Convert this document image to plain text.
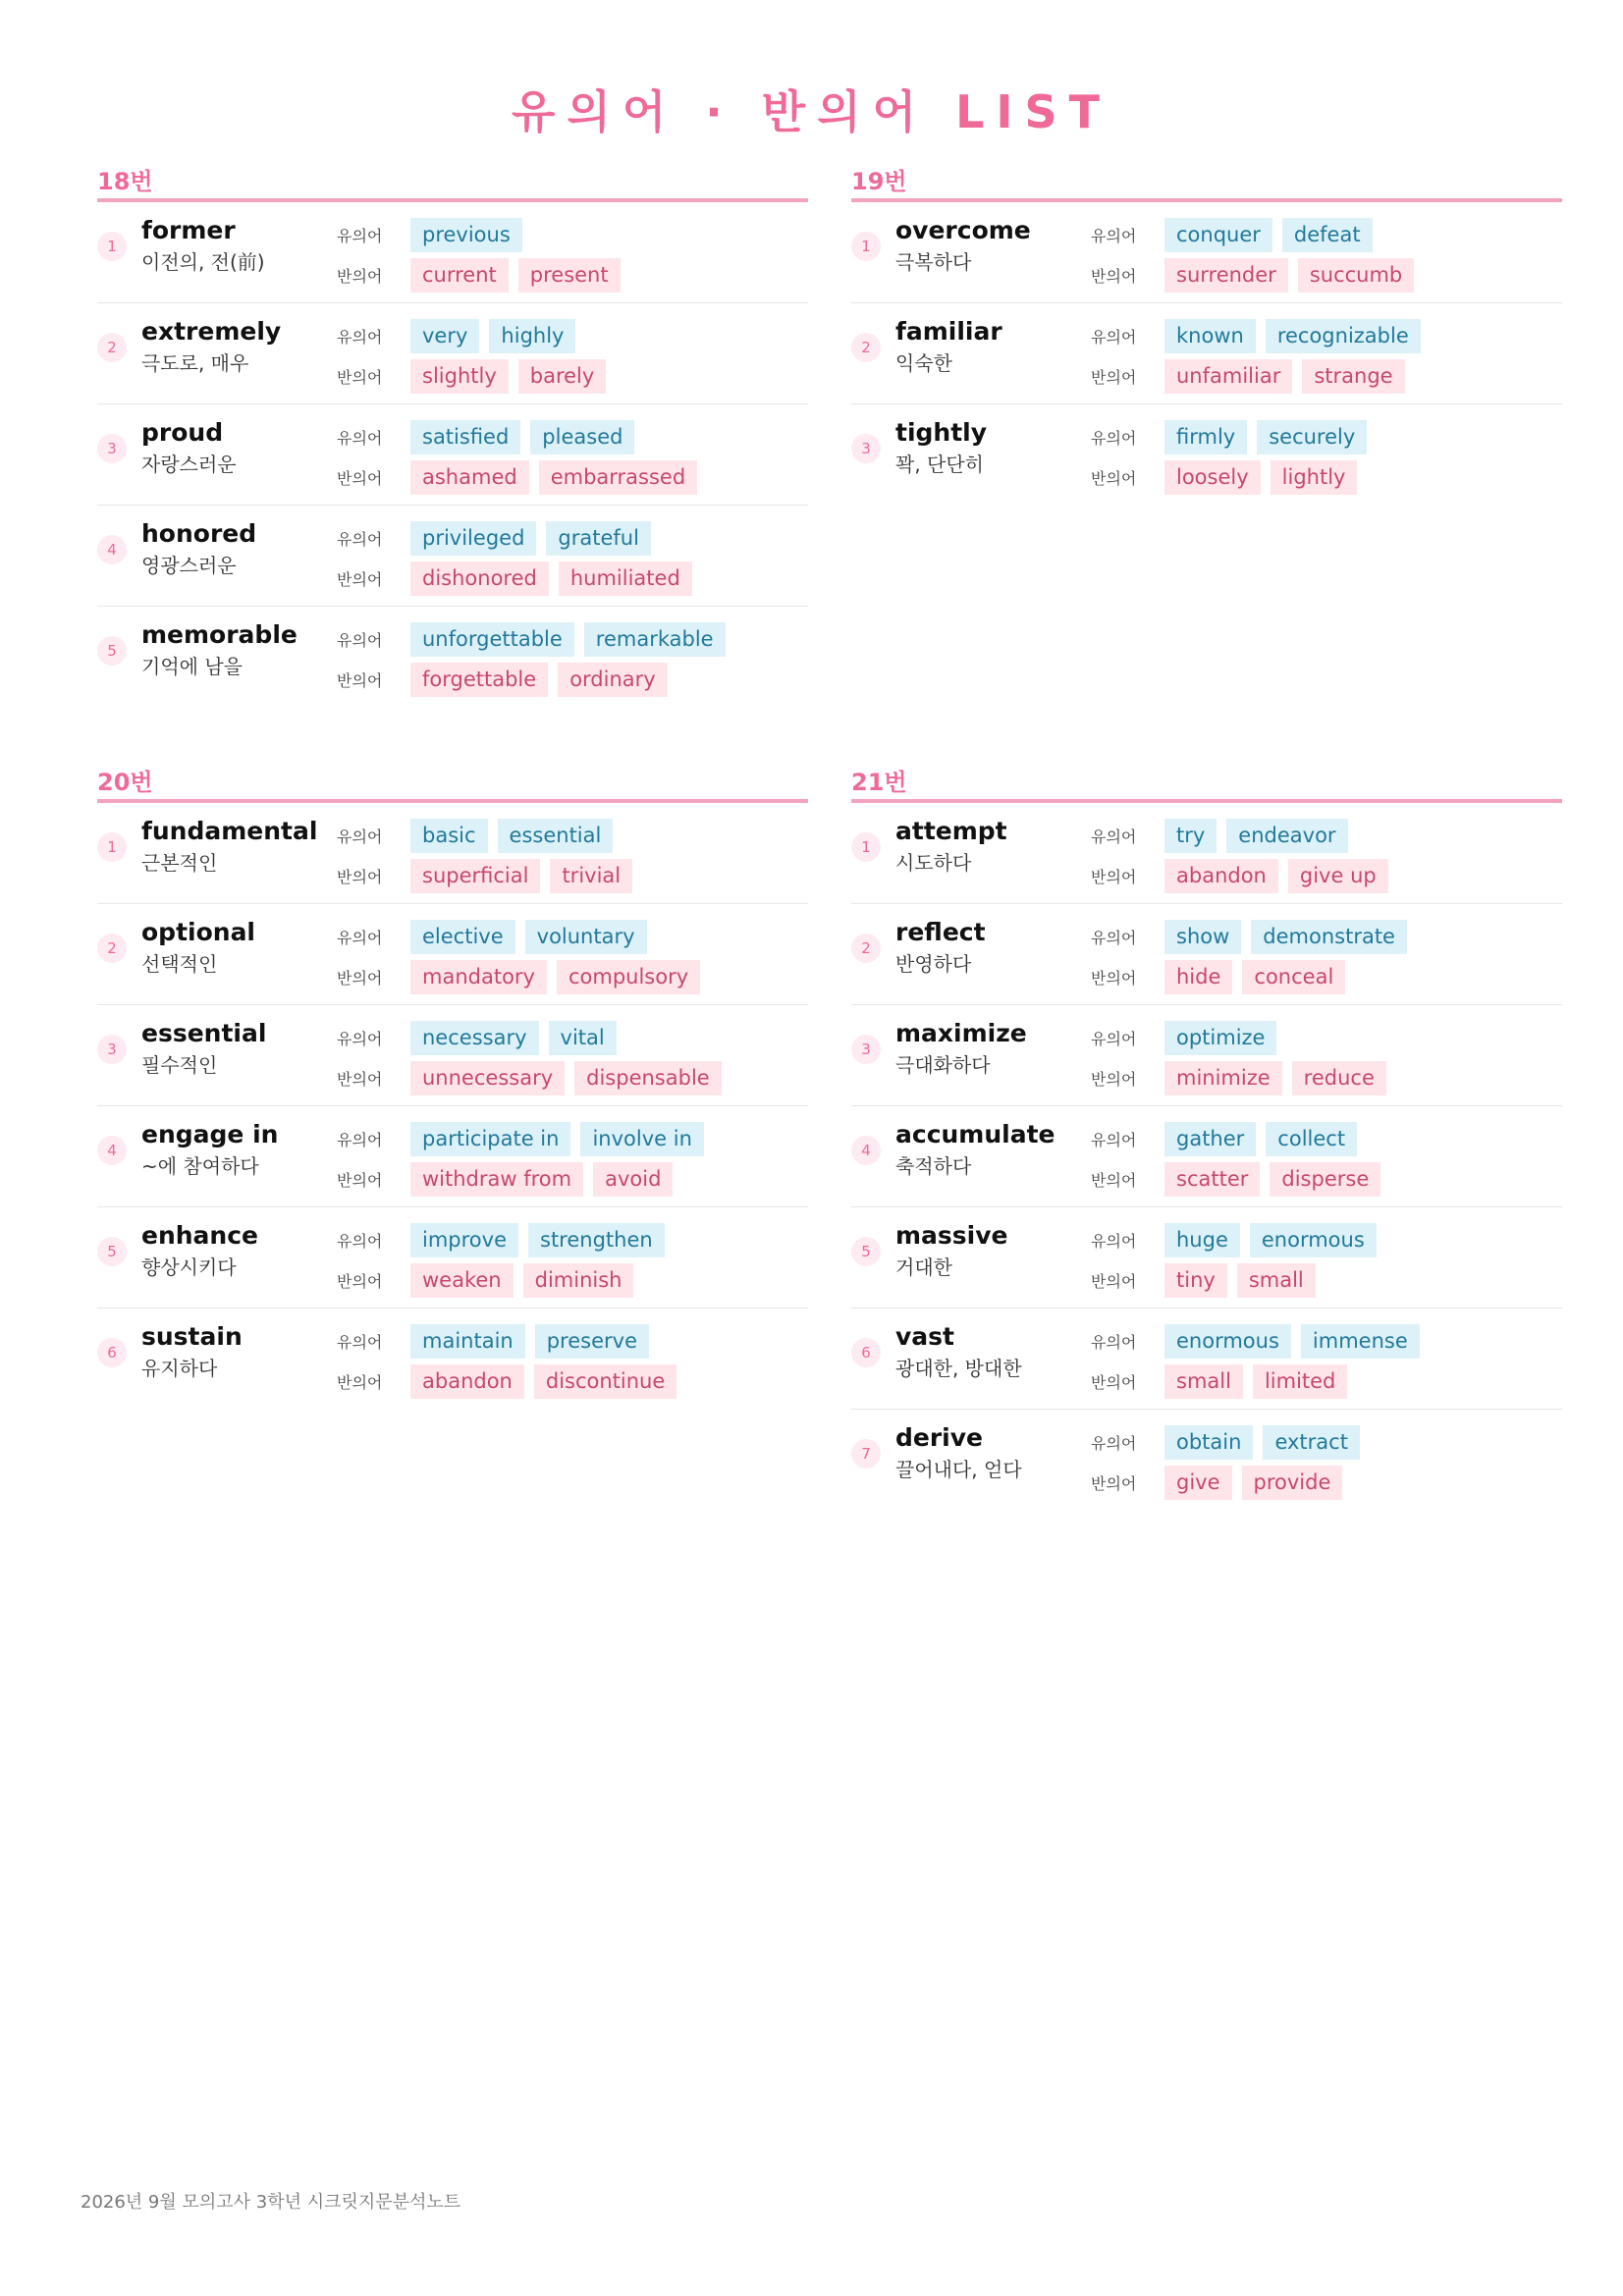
유의어 · 반의어 LIST
18번
1
former
이전의, 전(前)
유의어	previous
반의어	current	present
2
extremely
극도로, 매우
유의어	very	highly
반의어	slightly	barely
3
proud
자랑스러운
유의어	satisfied	pleased
반의어	ashamed	embarrassed
4
honored
영광스러운
유의어	privileged	grateful
반의어	dishonored	humiliated
5
memorable
기억에 남을
유의어	unforgettable	remarkable
반의어	forgettable	ordinary
19번
1
overcome
극복하다
유의어	conquer	defeat
반의어	surrender	succumb
2
familiar
익숙한
유의어	known	recognizable
반의어	unfamiliar	strange
3
tightly
꽉, 단단히
유의어	firmly	securely
반의어	loosely	lightly
20번
1
fundamental
근본적인
유의어	basic	essential
반의어	superficial	trivial
2
optional
선택적인
유의어	elective	voluntary
반의어	mandatory	compulsory
3
essential
필수적인
유의어	necessary	vital
반의어	unnecessary	dispensable
4
engage in
~에 참여하다
유의어	participate in	involve in
반의어	withdraw from	avoid
5
enhance
향상시키다
유의어	improve	strengthen
반의어	weaken	diminish
6
sustain
유지하다
유의어	maintain	preserve
반의어	abandon	discontinue
21번
1
attempt
시도하다
유의어	try	endeavor
반의어	abandon	give up
2
reflect
반영하다
유의어	show	demonstrate
반의어	hide	conceal
3
maximize
극대화하다
유의어	optimize
반의어	minimize	reduce
4
accumulate
축적하다
유의어	gather	collect
반의어	scatter	disperse
5
massive
거대한
유의어	huge	enormous
반의어	tiny	small
6
vast
광대한, 방대한
유의어	enormous	immense
반의어	small	limited
7
derive
끌어내다, 얻다
유의어	obtain	extract
반의어	give	provide
2026년 9월 모의고사 3학년 시크릿지문분석노트
